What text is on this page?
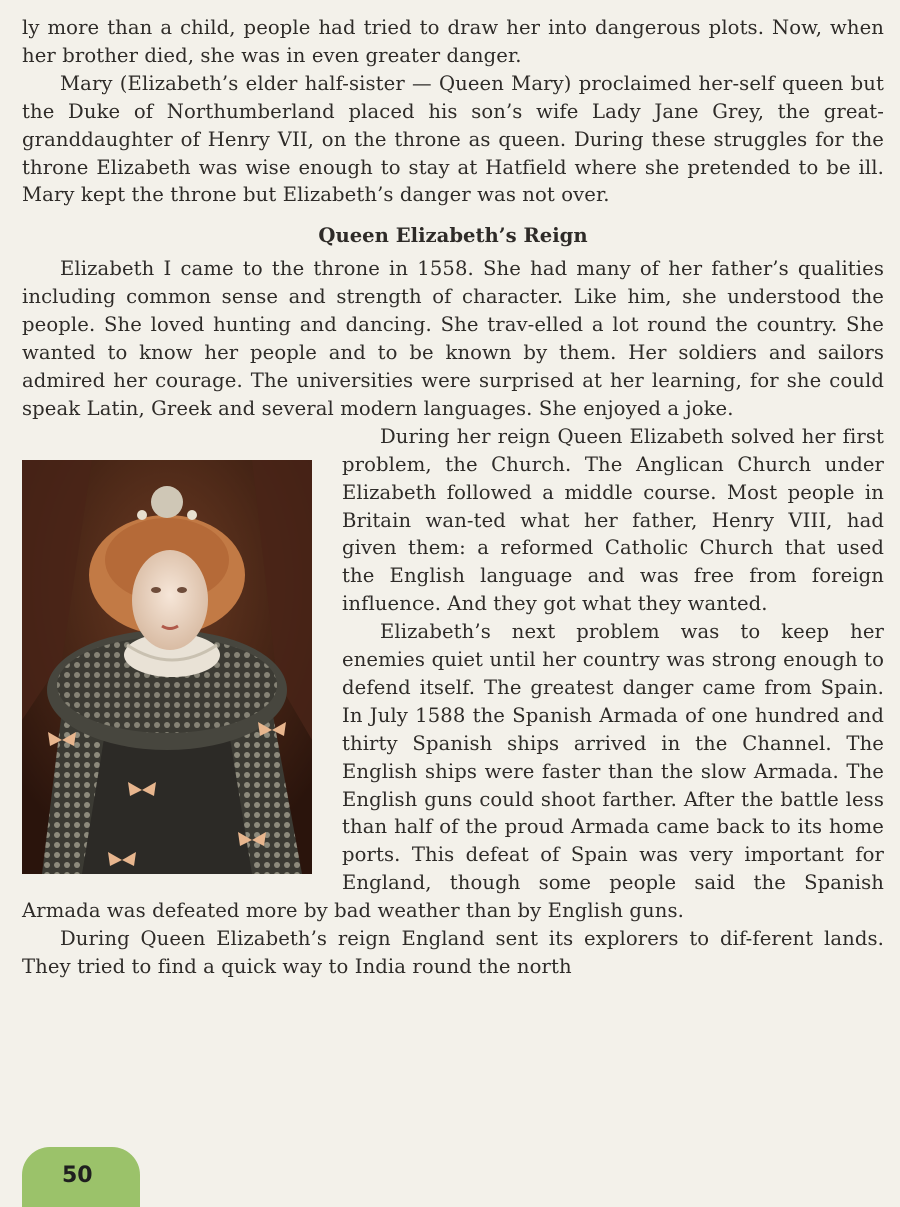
ly more than a child, people had tried to draw her into dangerous plots. Now, when her brother died, she was in even greater danger.

Mary (Elizabeth’s elder half-sister — Queen Mary) proclaimed her-self queen but the Duke of Northumberland placed his son’s wife Lady Jane Grey, the great-granddaughter of Henry VII, on the throne as queen. During these struggles for the throne Elizabeth was wise enough to stay at Hatfield where she pretended to be ill. Mary kept the throne but Elizabeth’s danger was not over.

Queen Elizabeth’s Reign

Elizabeth I came to the throne in 1558. She had many of her father’s qualities including common sense and strength of character. Like him, she understood the people. She loved hunting and dancing. She trav-elled a lot round the country. She wanted to know her people and to be known by them. Her soldiers and sailors admired her courage. The universities were surprised at her learning, for she could speak Latin, Greek and several modern languages. She enjoyed a joke.

During her reign Queen Elizabeth solved her first problem, the Church. The Anglican Church under Elizabeth followed a middle course. Most people in Britain wan-ted what her father, Henry VIII, had given them: a reformed Catholic Church that used the English language and was free from foreign influence. And they got what they wanted.

Elizabeth’s next problem was to keep her enemies quiet until her country was strong enough to defend itself. The greatest danger came from Spain. In July 1588 the Spanish Armada of one hundred and thirty Spanish ships arrived in the Channel. The English ships were faster than the slow Armada. The English guns could shoot farther. After the battle less than half of the proud Armada came back to its home ports. This defeat of Spain was very important for England, though some people said the Spanish Armada was defeated more by bad weather than by English guns.

During Queen Elizabeth’s reign England sent its explorers to dif-ferent lands. They tried to find a quick way to India round the north

50
